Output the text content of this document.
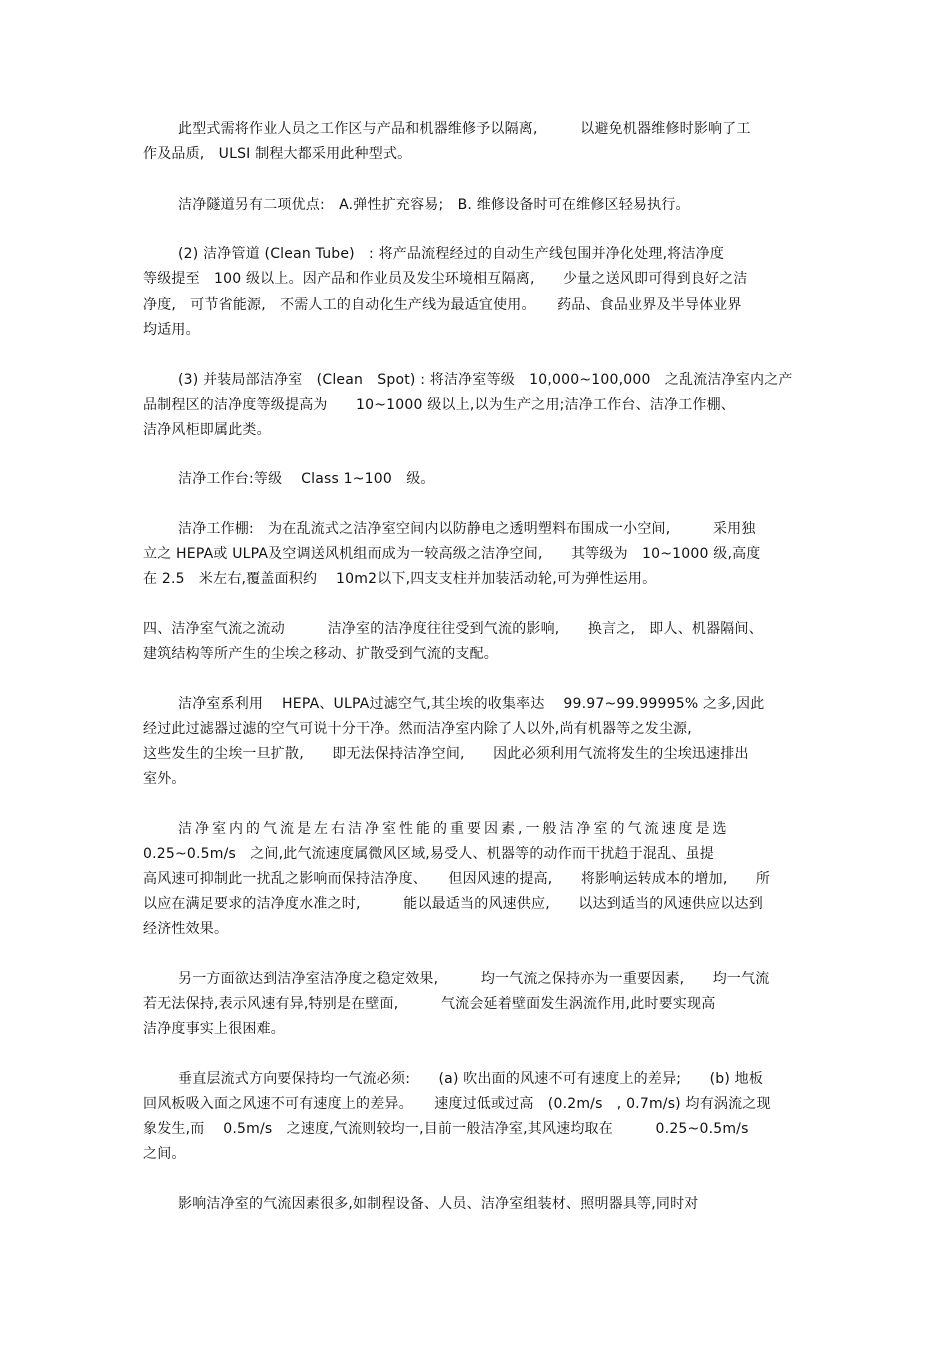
此型式需将作业人员之工作区与产品和机器维修予以隔离,　　　以避免机器维修时影响了工
作及品质,　ULSI 制程大都采用此种型式。
洁净隧道另有二项优点:　A.弹性扩充容易;　B. 维修设备时可在维修区轻易执行。
(2) 洁净管道 (Clean Tube)　: 将产品流程经过的自动生产线包围并净化处理,将洁净度
等级提至　100 级以上。因产品和作业员及发尘环境相互隔离,　　少量之送风即可得到良好之洁
净度,　可节省能源,　不需人工的自动化生产线为最适宜使用。　　药品、食品业界及半导体业界
均适用。
(3) 并装局部洁净室　(Clean　Spot) : 将洁净室等级　10,000~100,000　之乱流洁净室内之产
品制程区的洁净度等级提高为　　10~1000 级以上,以为生产之用;洁净工作台、洁净工作棚、
洁净风柜即属此类。
洁净工作台:等级　 Class 1~100　级。
洁净工作棚:　为在乱流式之洁净室空间内以防静电之透明塑料布围成一小空间,　　　采用独
立之 HEPA或 ULPA及空调送风机组而成为一较高级之洁净空间,　　其等级为　10~1000 级,高度
在 2.5　米左右,覆盖面积约　 10m2以下,四支支柱并加装活动轮,可为弹性运用。
四、洁净室气流之流动　　　洁净室的洁净度往往受到气流的影响,　　换言之,　即人、机器隔间、
建筑结构等所产生的尘埃之移动、扩散受到气流的支配。
洁净室系利用　 HEPA、ULPA过滤空气,其尘埃的收集率达　 99.97~99.99995% 之多,因此
经过此过滤器过滤的空气可说十分干净。然而洁净室内除了人以外,尚有机器等之发尘源,
这些发生的尘埃一旦扩散,　　即无法保持洁净空间,　　因此必须利用气流将发生的尘埃迅速排出
室外。
洁净室内的气流是左右洁净室性能的重要因素,一般洁净室的气流速度是选
0.25~0.5m/s　之间,此气流速度属微风区域,易受人、机器等的动作而干扰趋于混乱、虽提
高风速可抑制此一扰乱之影响而保持洁净度、　　但因风速的提高,　　将影响运转成本的增加,　　所
以应在满足要求的洁净度水准之时,　　　能以最适当的风速供应,　　以达到适当的风速供应以达到
经济性效果。
另一方面欲达到洁净室洁净度之稳定效果,　　　均一气流之保持亦为一重要因素,　　均一气流
若无法保持,表示风速有异,特别是在壁面,　　　气流会延着壁面发生涡流作用,此时要实现高
洁净度事实上很困难。
垂直层流式方向要保持均一气流必须:　　(a) 吹出面的风速不可有速度上的差异;　　(b) 地板
回风板吸入面之风速不可有速度上的差异。　　速度过低或过高　(0.2m/s　, 0.7m/s) 均有涡流之现
象发生,而　 0.5m/s　之速度,气流则较均一,目前一般洁净室,其风速均取在　　　0.25~0.5m/s
之间。
影响洁净室的气流因素很多,如制程设备、人员、洁净室组装材、照明器具等,同时对
